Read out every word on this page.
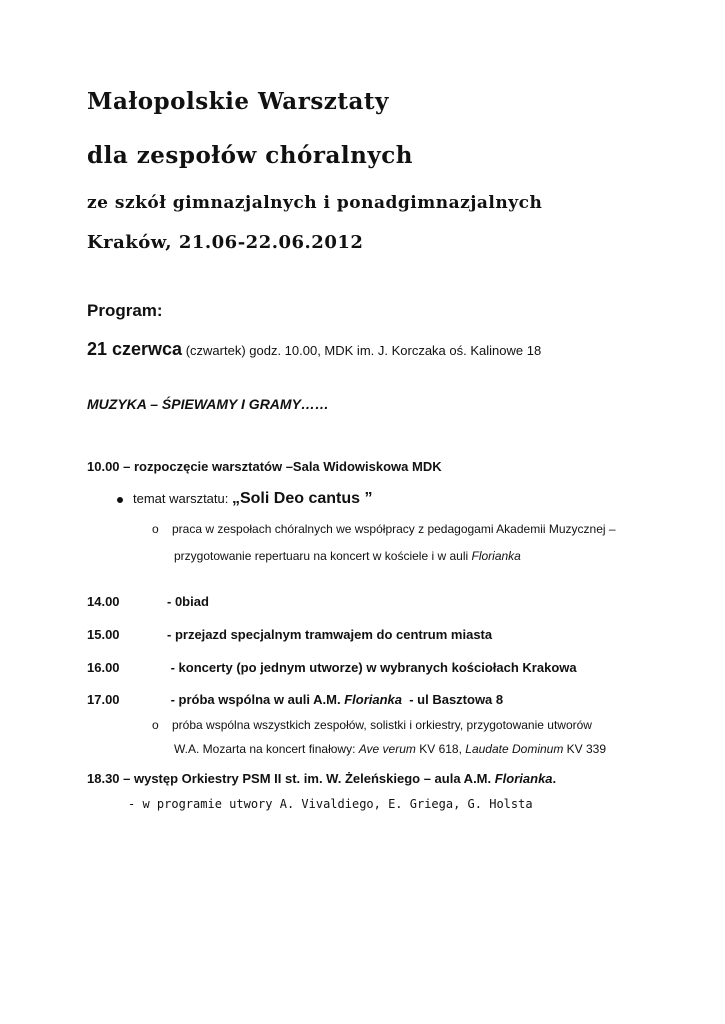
Małopolskie Warsztaty
dla zespołów chóralnych
ze szkół gimnazjalnych i ponadgimnazjalnych
Kraków, 21.06-22.06.2012
Program:
21 czerwca (czwartek) godz. 10.00, MDK im. J. Korczaka oś. Kalinowe 18
MUZYKA – ŚPIEWAMY I GRAMY……
10.00 – rozpoczęcie warsztatów –Sala Widowiskowa MDK
temat warsztatu: „Soli Deo cantus ”
o praca w zespołach chóralnych we współpracy z pedagogami Akademii Muzycznej –
przygotowanie repertuaru na koncert w kościele i w auli Florianka
14.00	- 0biad
15.00	- przejazd specjalnym tramwajem do centrum miasta
16.00	- koncerty (po jednym utworze) w wybranych kościołach Krakowa
17.00	- próba wspólna w auli A.M. Florianka  - ul Basztowa 8
o próba wspólna wszystkich zespołów, solistki i orkiestry, przygotowanie utworów
W.A. Mozarta na koncert finałowy: Ave verum KV 618, Laudate Dominum KV 339
18.30 – występ Orkiestry PSM II st. im. W. Żeleńskiego – aula A.M. Florianka.
- w programie utwory A. Vivaldiego, E. Griega, G. Holsta
